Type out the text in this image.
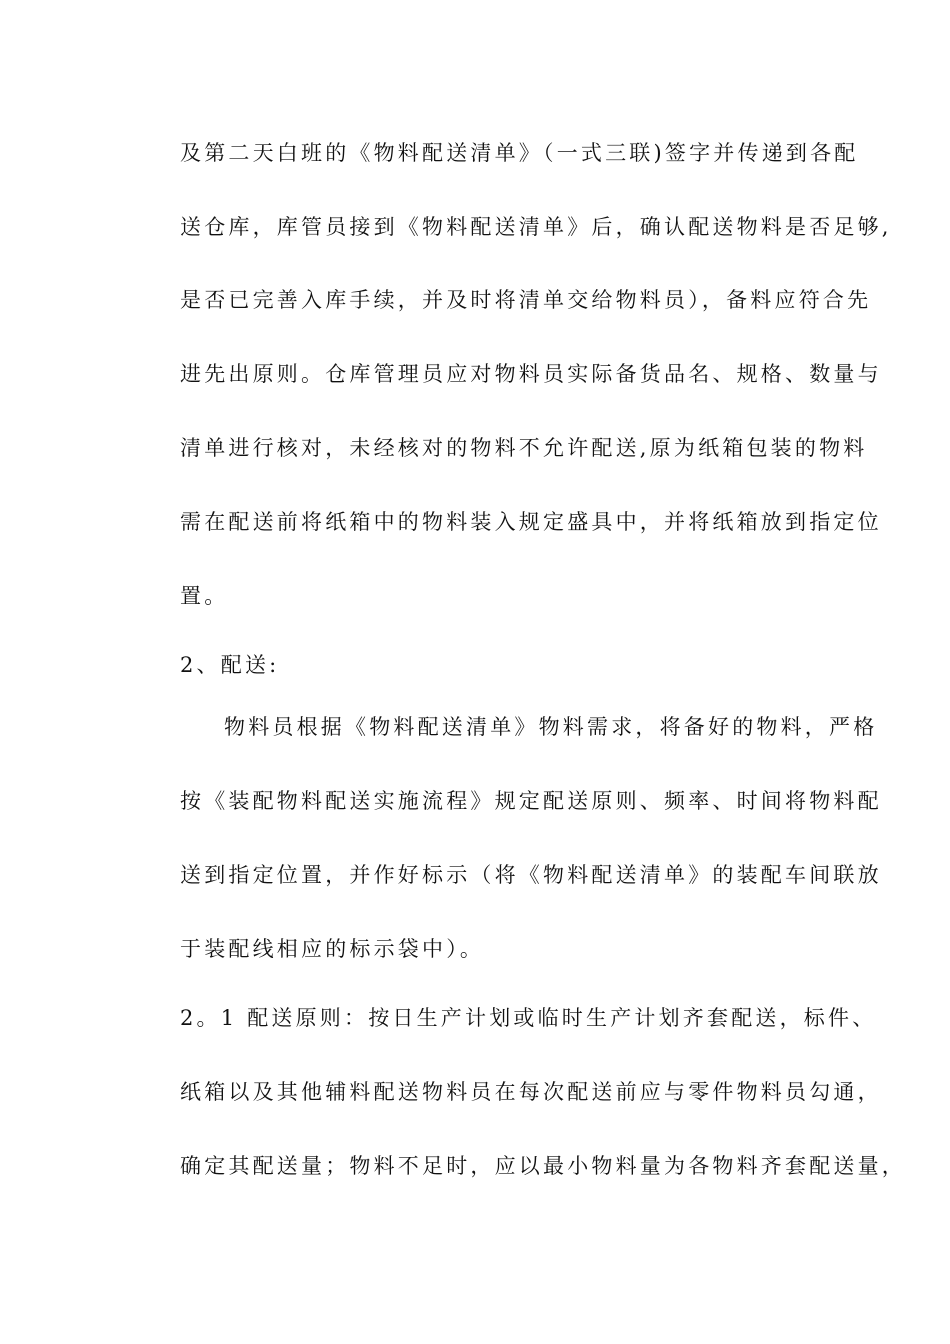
及第二天白班的《物料配送清单》（一式三联)签字并传递到各配
送仓库，库管员接到《物料配送清单》后，确认配送物料是否足够,
是否已完善入库手续，并及时将清单交给物料员），备料应符合先
进先出原则。仓库管理员应对物料员实际备货品名、规格、数量与
清单进行核对，未经核对的物料不允许配送,原为纸箱包装的物料
需在配送前将纸箱中的物料装入规定盛具中，并将纸箱放到指定位
置。
2、配送:
物料员根据《物料配送清单》物料需求，将备好的物料，严格
按《装配物料配送实施流程》规定配送原则、频率、时间将物料配
送到指定位置，并作好标示（将《物料配送清单》的装配车间联放
于装配线相应的标示袋中）。
2。1 配送原则：按日生产计划或临时生产计划齐套配送，标件、
纸箱以及其他辅料配送物料员在每次配送前应与零件物料员勾通，
确定其配送量；物料不足时，应以最小物料量为各物料齐套配送量，
